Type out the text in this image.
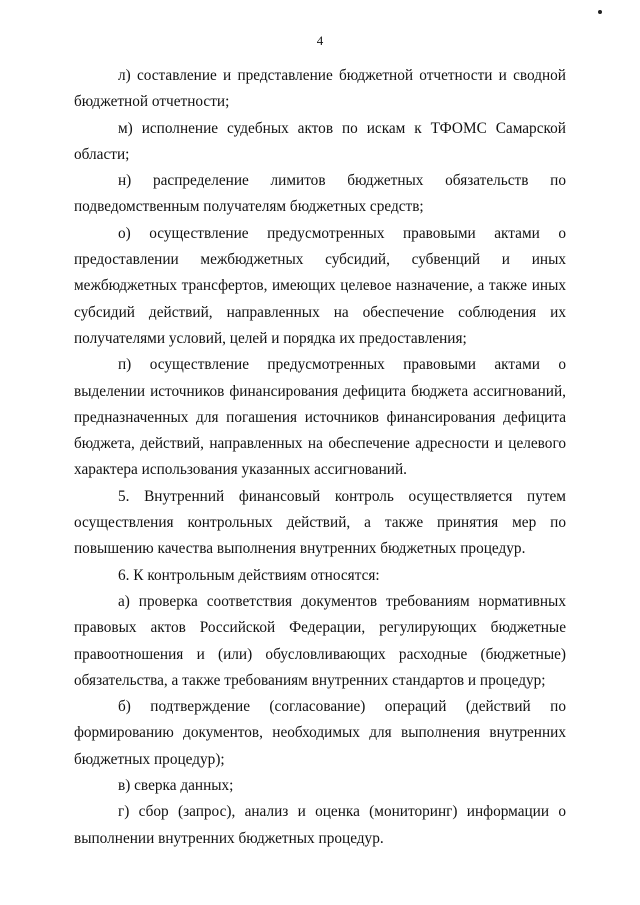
4

л) составление и представление бюджетной отчетности и сводной бюджетной отчетности;

м) исполнение судебных актов по искам к ТФОМС Самарской области;

н) распределение лимитов бюджетных обязательств по подведомственным получателям бюджетных средств;

о) осуществление предусмотренных правовыми актами о предоставлении межбюджетных субсидий, субвенций и иных межбюджетных трансфертов, имеющих целевое назначение, а также иных субсидий действий, направленных на обеспечение соблюдения их получателями условий, целей и порядка их предоставления;

п) осуществление предусмотренных правовыми актами о выделении источников финансирования дефицита бюджета ассигнований, предназначенных для погашения источников финансирования дефицита бюджета, действий, направленных на обеспечение адресности и целевого характера использования указанных ассигнований.

5. Внутренний финансовый контроль осуществляется путем осуществления контрольных действий, а также принятия мер по повышению качества выполнения внутренних бюджетных процедур.

6. К контрольным действиям относятся:

а) проверка соответствия документов требованиям нормативных правовых актов Российской Федерации, регулирующих бюджетные правоотношения и (или) обусловливающих расходные (бюджетные) обязательства, а также требованиям внутренних стандартов и процедур;

б) подтверждение (согласование) операций (действий по формированию документов, необходимых для выполнения внутренних бюджетных процедур);

в) сверка данных;

г) сбор (запрос), анализ и оценка (мониторинг) информации о выполнении внутренних бюджетных процедур.
